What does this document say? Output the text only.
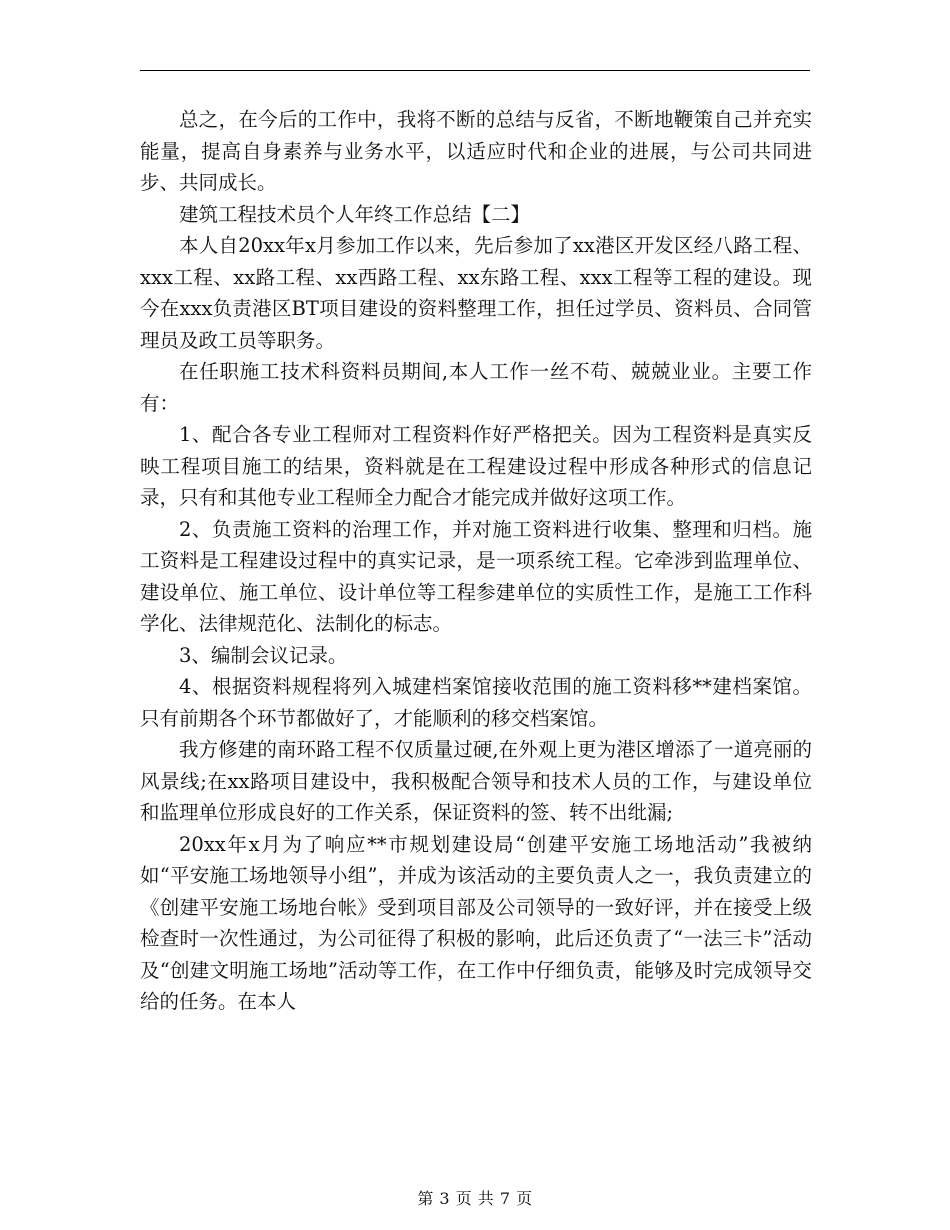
总之，在今后的工作中，我将不断的总结与反省，不断地鞭策自己并充实能量，提高自身素养与业务水平，以适应时代和企业的进展，与公司共同进步、共同成长。

建筑工程技术员个人年终工作总结【二】

本人自20xx年x月参加工作以来，先后参加了xx港区开发区经八路工程、xxx工程、xx路工程、xx西路工程、xx东路工程、xxx工程等工程的建设。现今在xxx负责港区BT项目建设的资料整理工作，担任过学员、资料员、合同管理员及政工员等职务。

在任职施工技术科资料员期间,本人工作一丝不苟、兢兢业业。主要工作有：

1、配合各专业工程师对工程资料作好严格把关。因为工程资料是真实反映工程项目施工的结果，资料就是在工程建设过程中形成各种形式的信息记录，只有和其他专业工程师全力配合才能完成并做好这项工作。

2、负责施工资料的治理工作，并对施工资料进行收集、整理和归档。施工资料是工程建设过程中的真实记录，是一项系统工程。它牵涉到监理单位、建设单位、施工单位、设计单位等工程参建单位的实质性工作，是施工工作科学化、法律规范化、法制化的标志。

3、编制会议记录。

4、根据资料规程将列入城建档案馆接收范围的施工资料移**建档案馆。只有前期各个环节都做好了，才能顺利的移交档案馆。

我方修建的南环路工程不仅质量过硬,在外观上更为港区增添了一道亮丽的风景线;在xx路项目建设中，我积极配合领导和技术人员的工作，与建设单位和监理单位形成良好的工作关系，保证资料的签、转不出纰漏;

20xx年x月为了响应**市规划建设局“创建平安施工场地活动”我被纳如“平安施工场地领导小组”，并成为该活动的主要负责人之一，我负责建立的《创建平安施工场地台帐》受到项目部及公司领导的一致好评，并在接受上级检查时一次性通过，为公司征得了积极的影响，此后还负责了“一法三卡”活动及“创建文明施工场地”活动等工作，在工作中仔细负责，能够及时完成领导交给的任务。在本人

第 3 页 共 7 页
